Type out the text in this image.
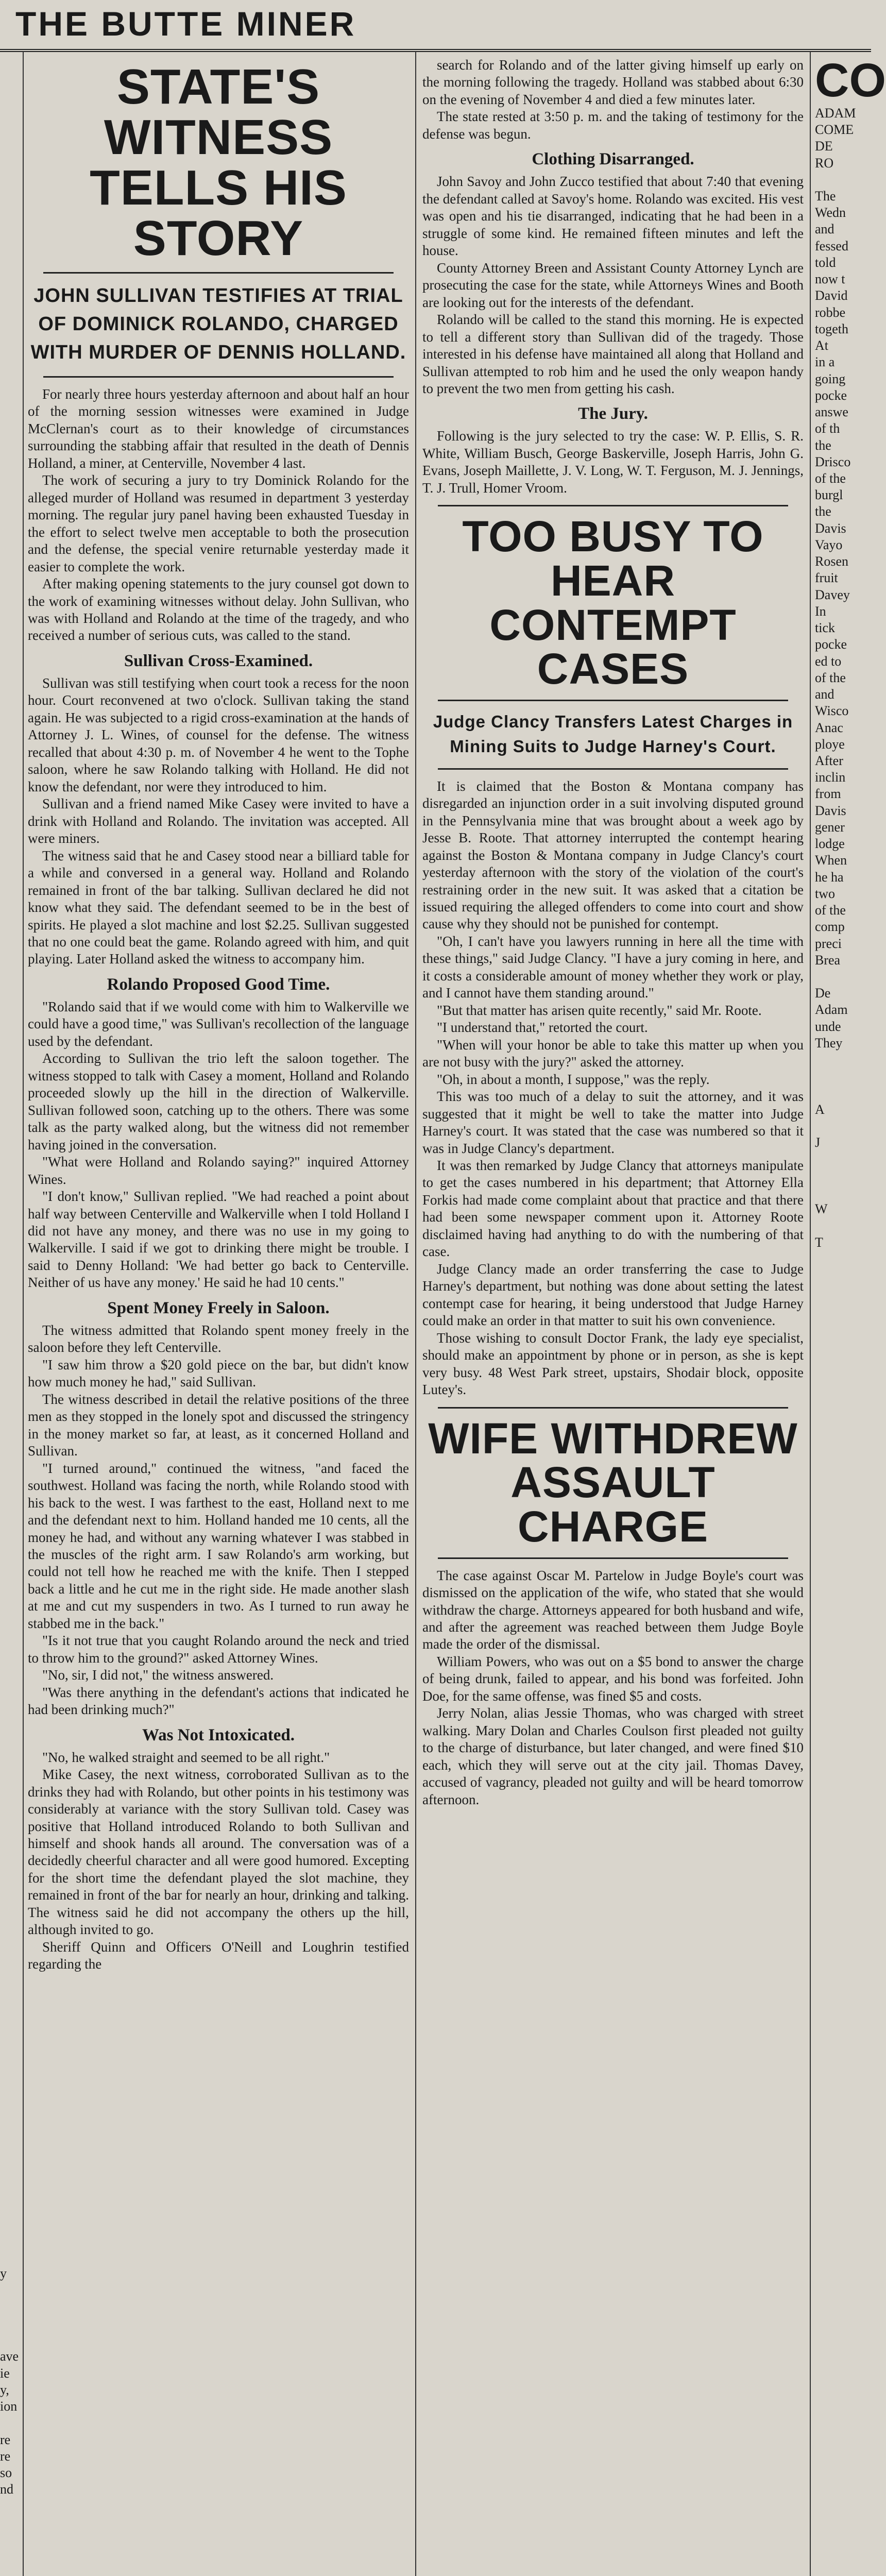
THE BUTTE MINER

y

ave
ie
y,
ion

re
re
so
nd

STATE'S WITNESS TELLS HIS STORY
JOHN SULLIVAN TESTIFIES AT TRIAL OF DOMINICK ROLANDO, CHARGED WITH MURDER OF DENNIS HOLLAND.

For nearly three hours yesterday afternoon and about half an hour of the morning session witnesses were examined in Judge McClernan's court as to their knowledge of circumstances surrounding the stabbing affair that resulted in the death of Dennis Holland, a miner, at Centerville, November 4 last.

The work of securing a jury to try Dominick Rolando for the alleged murder of Holland was resumed in department 3 yesterday morning. The regular jury panel having been exhausted Tuesday in the effort to select twelve men acceptable to both the prosecution and the defense, the special venire returnable yesterday made it easier to complete the work.

After making opening statements to the jury counsel got down to the work of examining witnesses without delay. John Sullivan, who was with Holland and Rolando at the time of the tragedy, and who received a number of serious cuts, was called to the stand.

Sullivan Cross-Examined.

Sullivan was still testifying when court took a recess for the noon hour. Court reconvened at two o'clock. Sullivan taking the stand again. He was subjected to a rigid cross-examination at the hands of Attorney J. L. Wines, of counsel for the defense. The witness recalled that about 4:30 p. m. of November 4 he went to the Tophe saloon, where he saw Rolando talking with Holland. He did not know the defendant, nor were they introduced to him.

Sullivan and a friend named Mike Casey were invited to have a drink with Holland and Rolando. The invitation was accepted. All were miners.

The witness said that he and Casey stood near a billiard table for a while and conversed in a general way. Holland and Rolando remained in front of the bar talking. Sullivan declared he did not know what they said. The defendant seemed to be in the best of spirits. He played a slot machine and lost $2.25. Sullivan suggested that no one could beat the game. Rolando agreed with him, and quit playing. Later Holland asked the witness to accompany him.

Rolando Proposed Good Time.

"Rolando said that if we would come with him to Walkerville we could have a good time," was Sullivan's recollection of the language used by the defendant.

According to Sullivan the trio left the saloon together. The witness stopped to talk with Casey a moment, Holland and Rolando proceeded slowly up the hill in the direction of Walkerville. Sullivan followed soon, catching up to the others. There was some talk as the party walked along, but the witness did not remember having joined in the conversation.

"What were Holland and Rolando saying?" inquired Attorney Wines.

"I don't know," Sullivan replied. "We had reached a point about half way between Centerville and Walkerville when I told Holland I did not have any money, and there was no use in my going to Walkerville. I said if we got to drinking there might be trouble. I said to Denny Holland: 'We had better go back to Centerville. Neither of us have any money.' He said he had 10 cents."

Spent Money Freely in Saloon.

The witness admitted that Rolando spent money freely in the saloon before they left Centerville.

"I saw him throw a $20 gold piece on the bar, but didn't know how much money he had," said Sullivan.

The witness described in detail the relative positions of the three men as they stopped in the lonely spot and discussed the stringency in the money market so far, at least, as it concerned Holland and Sullivan.

"I turned around," continued the witness, "and faced the southwest. Holland was facing the north, while Rolando stood with his back to the west. I was farthest to the east, Holland next to me and the defendant next to him. Holland handed me 10 cents, all the money he had, and without any warning whatever I was stabbed in the muscles of the right arm. I saw Rolando's arm working, but could not tell how he reached me with the knife. Then I stepped back a little and he cut me in the right side. He made another slash at me and cut my suspenders in two. As I turned to run away he stabbed me in the back."

"Is it not true that you caught Rolando around the neck and tried to throw him to the ground?" asked Attorney Wines.

"No, sir, I did not," the witness answered.

"Was there anything in the defendant's actions that indicated he had been drinking much?"

Was Not Intoxicated.

"No, he walked straight and seemed to be all right."

Mike Casey, the next witness, corroborated Sullivan as to the drinks they had with Rolando, but other points in his testimony was considerably at variance with the story Sullivan told. Casey was positive that Holland introduced Rolando to both Sullivan and himself and shook hands all around. The conversation was of a decidedly cheerful character and all were good humored. Excepting for the short time the defendant played the slot machine, they remained in front of the bar for nearly an hour, drinking and talking. The witness said he did not accompany the others up the hill, although invited to go.

Sheriff Quinn and Officers O'Neill and Loughrin testified regarding the

search for Rolando and of the latter giving himself up early on the morning following the tragedy. Holland was stabbed about 6:30 on the evening of November 4 and died a few minutes later.

The state rested at 3:50 p. m. and the taking of testimony for the defense was begun.

Clothing Disarranged.

John Savoy and John Zucco testified that about 7:40 that evening the defendant called at Savoy's home. Rolando was excited. His vest was open and his tie disarranged, indicating that he had been in a struggle of some kind. He remained fifteen minutes and left the house.

County Attorney Breen and Assistant County Attorney Lynch are prosecuting the case for the state, while Attorneys Wines and Booth are looking out for the interests of the defendant.

Rolando will be called to the stand this morning. He is expected to tell a different story than Sullivan did of the tragedy. Those interested in his defense have maintained all along that Holland and Sullivan attempted to rob him and he used the only weapon handy to prevent the two men from getting his cash.

The Jury.

Following is the jury selected to try the case: W. P. Ellis, S. R. White, William Busch, George Baskerville, Joseph Harris, John G. Evans, Joseph Maillette, J. V. Long, W. T. Ferguson, M. J. Jennings, T. J. Trull, Homer Vroom.

TOO BUSY TO HEAR CONTEMPT CASES
Judge Clancy Transfers Latest Charges in Mining Suits to Judge Harney's Court.

It is claimed that the Boston & Montana company has disregarded an injunction order in a suit involving disputed ground in the Pennsylvania mine that was brought about a week ago by Jesse B. Roote. That attorney interrupted the contempt hearing against the Boston & Montana company in Judge Clancy's court yesterday afternoon with the story of the violation of the court's restraining order in the new suit. It was asked that a citation be issued requiring the alleged offenders to come into court and show cause why they should not be punished for contempt.

"Oh, I can't have you lawyers running in here all the time with these things," said Judge Clancy. "I have a jury coming in here, and it costs a considerable amount of money whether they work or play, and I cannot have them standing around."

"But that matter has arisen quite recently," said Mr. Roote.

"I understand that," retorted the court.

"When will your honor be able to take this matter up when you are not busy with the jury?" asked the attorney.

"Oh, in about a month, I suppose," was the reply.

This was too much of a delay to suit the attorney, and it was suggested that it might be well to take the matter into Judge Harney's court. It was stated that the case was numbered so that it was in Judge Clancy's department.

It was then remarked by Judge Clancy that attorneys manipulate to get the cases numbered in his department; that Attorney Ella Forkis had made come complaint about that practice and that there had been some newspaper comment upon it. Attorney Roote disclaimed having had anything to do with the numbering of that case.

Judge Clancy made an order transferring the case to Judge Harney's department, but nothing was done about setting the latest contempt case for hearing, it being understood that Judge Harney could make an order in that matter to suit his own convenience.

Those wishing to consult Doctor Frank, the lady eye specialist, should make an appointment by phone or in person, as she is kept very busy. 48 West Park street, upstairs, Shodair block, opposite Lutey's.

WIFE WITHDREW ASSAULT CHARGE

The case against Oscar M. Partelow in Judge Boyle's court was dismissed on the application of the wife, who stated that she would withdraw the charge. Attorneys appeared for both husband and wife, and after the agreement was reached between them Judge Boyle made the order of the dismissal.

William Powers, who was out on a $5 bond to answer the charge of being drunk, failed to appear, and his bond was forfeited. John Doe, for the same offense, was fined $5 and costs.

Jerry Nolan, alias Jessie Thomas, who was charged with street walking. Mary Dolan and Charles Coulson first pleaded not guilty to the charge of disturbance, but later changed, and were fined $10 each, which they will serve out at the city jail. Thomas Davey, accused of vagrancy, pleaded not guilty and will be heard tomorrow afternoon.

CO
ADAM
COME
DE
RO

The
Wedn
and
fessed
told
now t
David
robbe
togeth
At
in a
going
pocke
answe
of th
the
Drisco
of the
burgl
the
Davis
Vayo
Rosen
fruit
Davey
In
tick
pocke
ed to
of the
and
Wisco
Anac
ploye
After
inclin
from
Davis
gener
lodge
When
he ha
two
of the
comp
preci
Brea

De
Adam
unde
They

A

J

W

T
